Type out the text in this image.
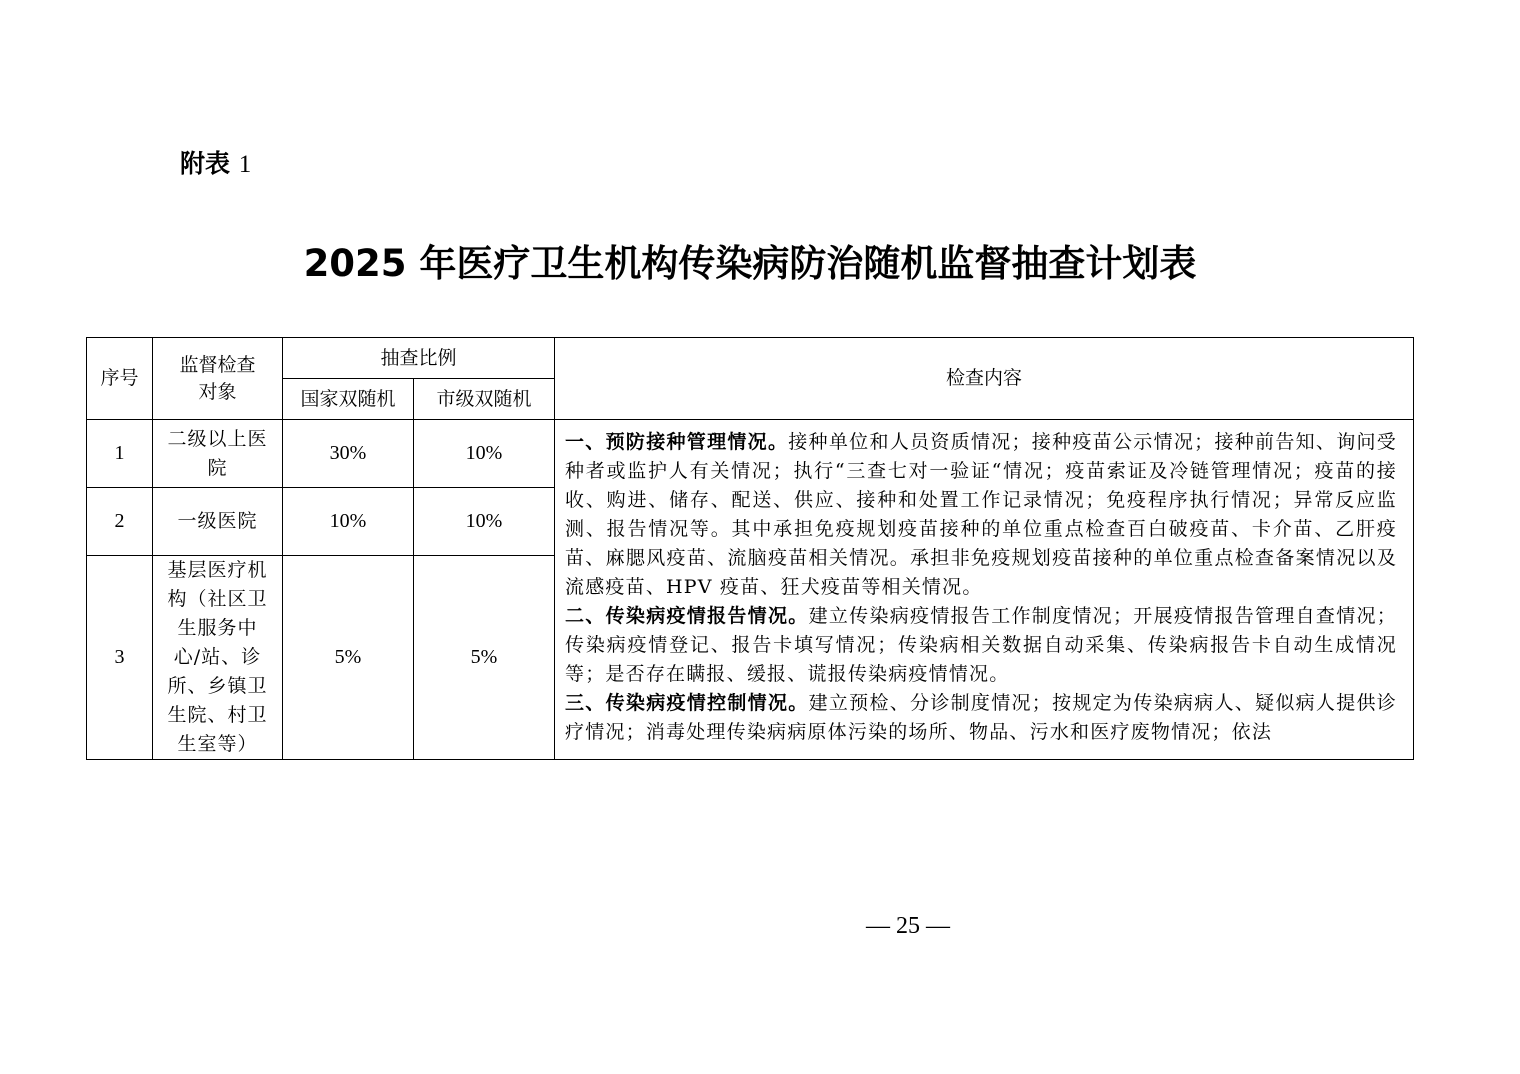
附表 1
2025 年医疗卫生机构传染病防治随机监督抽查计划表
序号	监督检查对象	抽查比例		检查内容
		国家双随机	市级双随机	
1	二级以上医院	30%	10%	一、预防接种管理情况。接种单位和人员资质情况；接种疫苗公示情况；接种前告知、询问受种者或监护人有关情况；执行“三查七对一验证“情况；疫苗索证及冷链管理情况；疫苗的接收、购进、储存、配送、供应、接种和处置工作记录情况；免疫程序执行情况；异常反应监测、报告情况等。其中承担免疫规划疫苗接种的单位重点检查百白破疫苗、卡介苗、乙肝疫苗、麻腮风疫苗、流脑疫苗相关情况。承担非免疫规划疫苗接种的单位重点检查备案情况以及流感疫苗、HPV 疫苗、狂犬疫苗等相关情况。

二、传染病疫情报告情况。建立传染病疫情报告工作制度情况；开展疫情报告管理自查情况；传染病疫情登记、报告卡填写情况；传染病相关数据自动采集、传染病报告卡自动生成情况等；是否存在瞒报、缓报、谎报传染病疫情情况。

三、传染病疫情控制情况。建立预检、分诊制度情况；按规定为传染病病人、疑似病人提供诊疗情况；消毒处理传染病病原体污染的场所、物品、污水和医疗废物情况；依法

2	一级医院	10%	10%	
3	基层医疗机构（社区卫生服务中心/站、诊所、乡镇卫生院、村卫生室等）	5%	5%	
— 25 —
